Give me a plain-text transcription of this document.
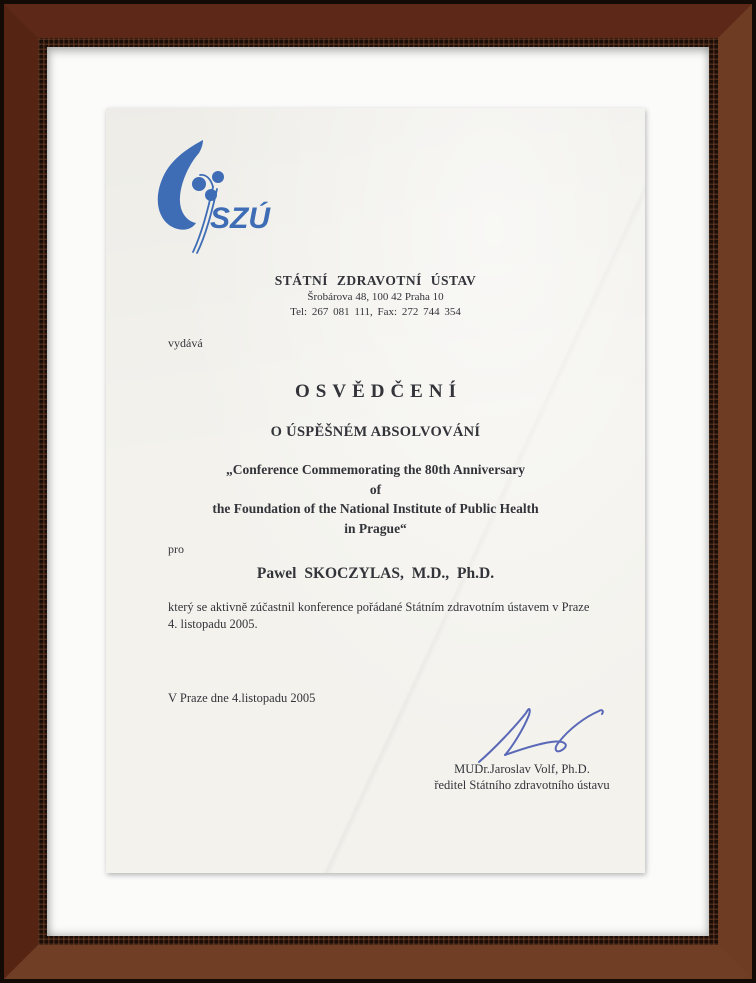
SZÚ
STÁTNÍ ZDRAVOTNÍ ÚSTAV
Šrobárova 48, 100 42 Praha 10
Tel: 267 081 111, Fax: 272 744 354
vydává
OSVĚDČENÍ
O ÚSPĚŠNÉM ABSOLVOVÁNÍ
„Conference Commemorating the 80th Anniversary
of
the Foundation of the National Institute of Public Health
in Prague“
pro
Pawel SKOCZYLAS, M.D., Ph.D.
který se aktivně zúčastnil konference pořádané Státním zdravotním ústavem v Praze
4. listopadu 2005.
V Praze dne 4.listopadu 2005
MUDr.Jaroslav Volf, Ph.D.
ředitel Státního zdravotního ústavu
